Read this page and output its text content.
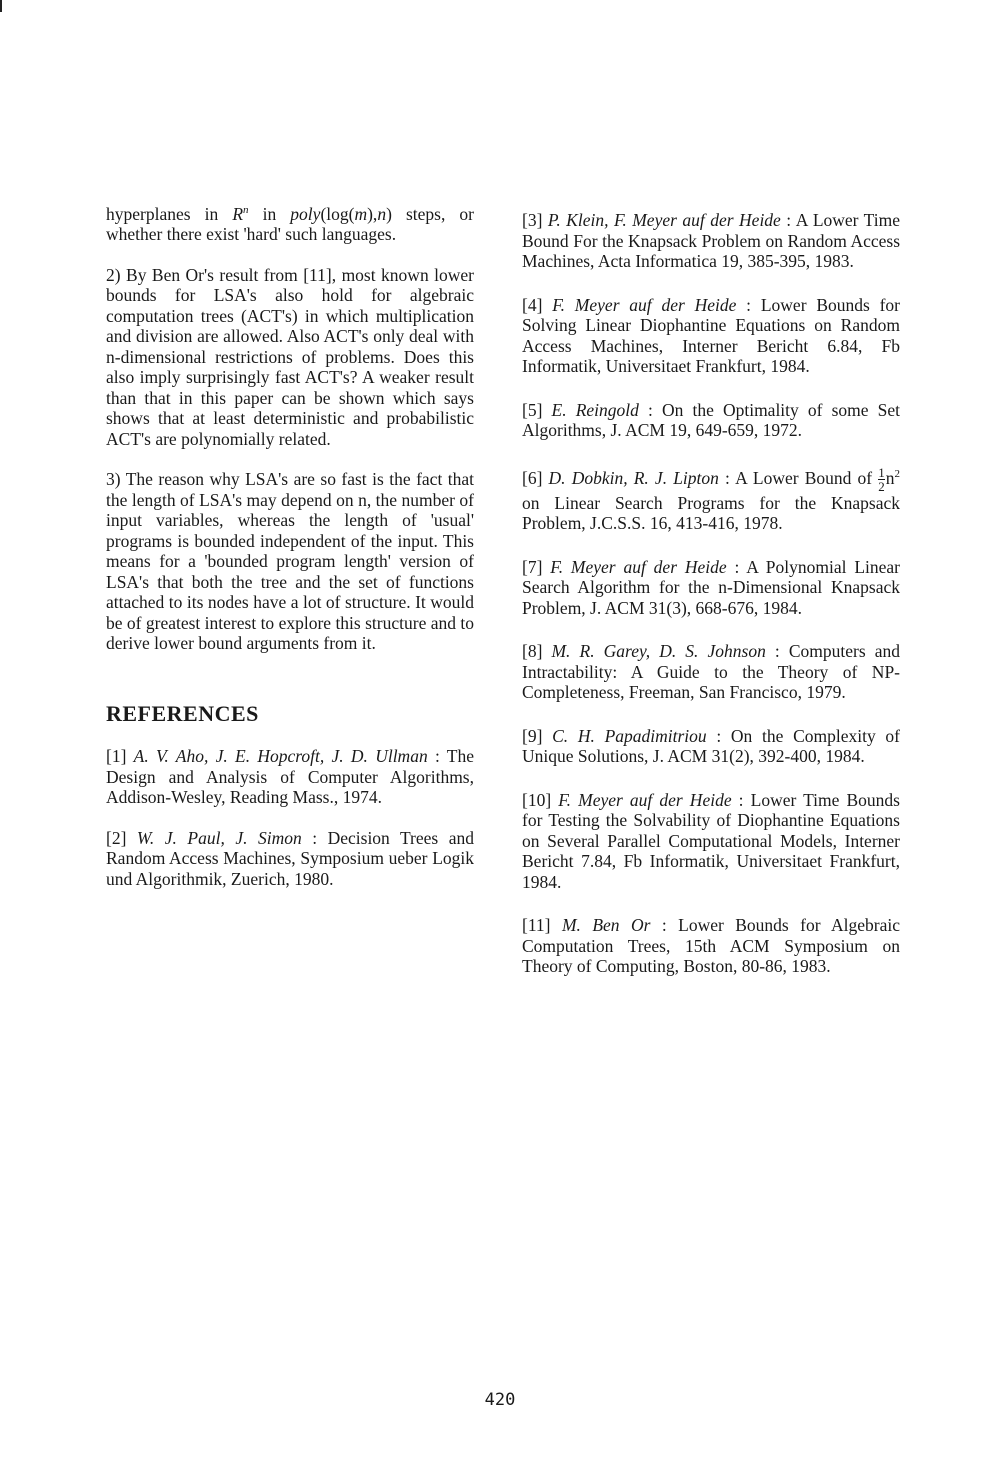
hyperplanes in $R^n$ in poly(log(m),n) steps, or whether there exist 'hard' such languages.

2) By Ben Or's result from [11], most known lower bounds for LSA's also hold for algebraic computation trees (ACT's) in which multiplication and division are allowed. Also ACT's only deal with n-dimensional restrictions of problems. Does this also imply surprisingly fast ACT's? A weaker result than that in this paper can be shown which says shows that at least deterministic and probabilistic ACT's are polynomially related.

3) The reason why LSA's are so fast is the fact that the length of LSA's may depend on n, the number of input variables, whereas the length of 'usual' programs is bounded independent of the input. This means for a 'bounded program length' version of LSA's that both the tree and the set of functions attached to its nodes have a lot of structure. It would be of greatest interest to explore this structure and to derive lower bound arguments from it.

REFERENCES

[1] A. V. Aho, J. E. Hopcroft, J. D. Ullman : The Design and Analysis of Computer Algorithms, Addison-Wesley, Reading Mass., 1974.

[2] W. J. Paul, J. Simon : Decision Trees and Random Access Machines, Symposium ueber Logik und Algorithmik, Zuerich, 1980.

[3] P. Klein, F. Meyer auf der Heide : A Lower Time Bound For the Knapsack Problem on Random Access Machines, Acta Informatica 19, 385-395, 1983.

[4] F. Meyer auf der Heide : Lower Bounds for Solving Linear Diophantine Equations on Random Access Machines, Interner Bericht 6.84, Fb Informatik, Universitaet Frankfurt, 1984.

[5] E. Reingold : On the Optimality of some Set Algorithms, J. ACM 19, 649-659, 1972.

[6] D. Dobkin, R. J. Lipton : A Lower Bound of $\frac{1}{2} n^2$ on Linear Search Programs for the Knapsack Problem, J.C.S.S. 16, 413-416, 1978.

[7] F. Meyer auf der Heide : A Polynomial Linear Search Algorithm for the n-Dimensional Knapsack Problem, J. ACM 31(3), 668-676, 1984.

[8] M. R. Garey, D. S. Johnson : Computers and Intractability: A Guide to the Theory of NP-Completeness, Freeman, San Francisco, 1979.

[9] C. H. Papadimitriou : On the Complexity of Unique Solutions, J. ACM 31(2), 392-400, 1984.

[10] F. Meyer auf der Heide : Lower Time Bounds for Testing the Solvability of Diophantine Equations on Several Parallel Computational Models, Interner Bericht 7.84, Fb Informatik, Universitaet Frankfurt, 1984.

[11] M. Ben Or : Lower Bounds for Algebraic Computation Trees, 15th ACM Symposium on Theory of Computing, Boston, 80-86, 1983.

420
